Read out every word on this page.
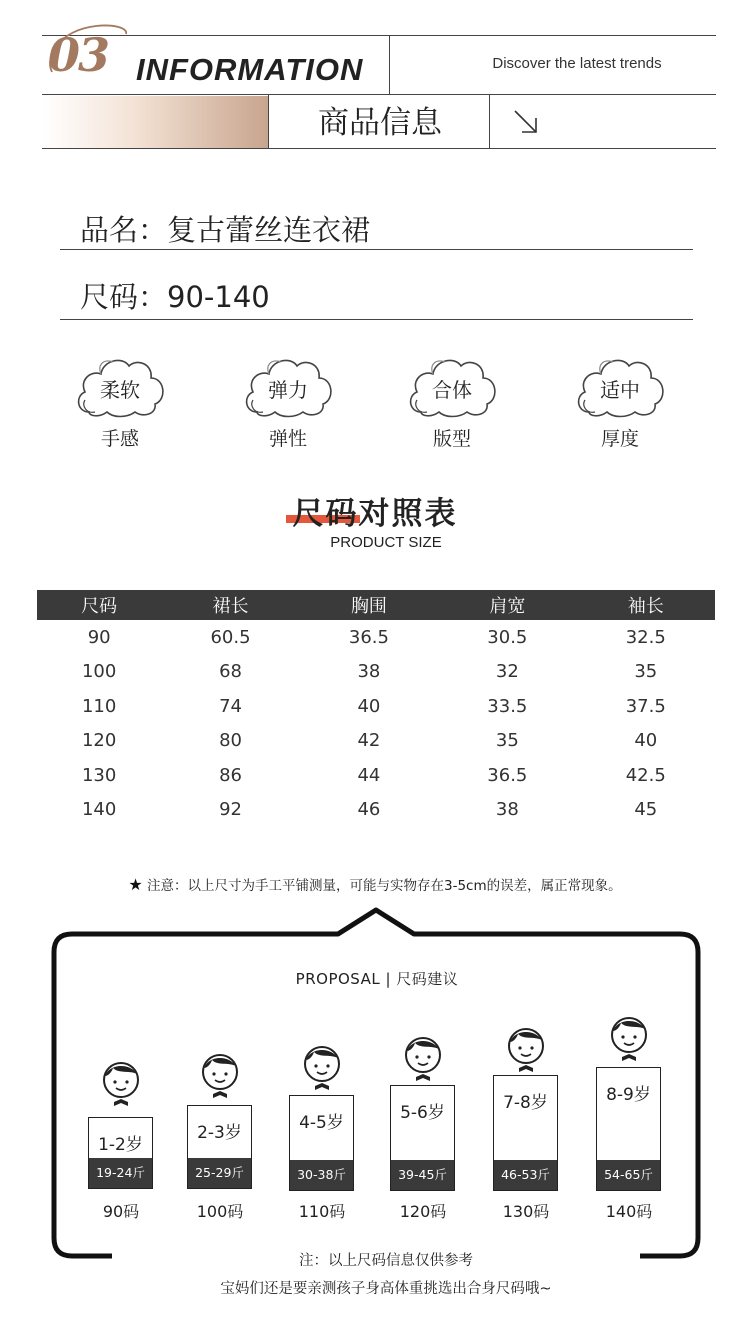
03 INFORMATION	Discover the latest trends
商品信息
品名：复古蕾丝连衣裙
尺码：90-140
柔软
手感
弹力
弹性
合体
版型
适中
厚度
尺码对照表
PRODUCT SIZE
尺码	裙长	胸围	肩宽	袖长
90	60.5	36.5	30.5	32.5
100	68	38	32	35
110	74	40	33.5	37.5
120	80	42	35	40
130	86	44	36.5	42.5
140	92	46	38	45
★ 注意：以上尺寸为手工平铺测量，可能与实物存在3-5cm的误差，属正常现象。
PROPOSAL | 尺码建议
1-2岁
19-24斤
90码
2-3岁
25-29斤
100码
4-5岁
30-38斤
110码
5-6岁
39-45斤
120码
7-8岁
46-53斤
130码
8-9岁
54-65斤
140码
注：以上尺码信息仅供参考
宝妈们还是要亲测孩子身高体重挑选出合身尺码哦~
